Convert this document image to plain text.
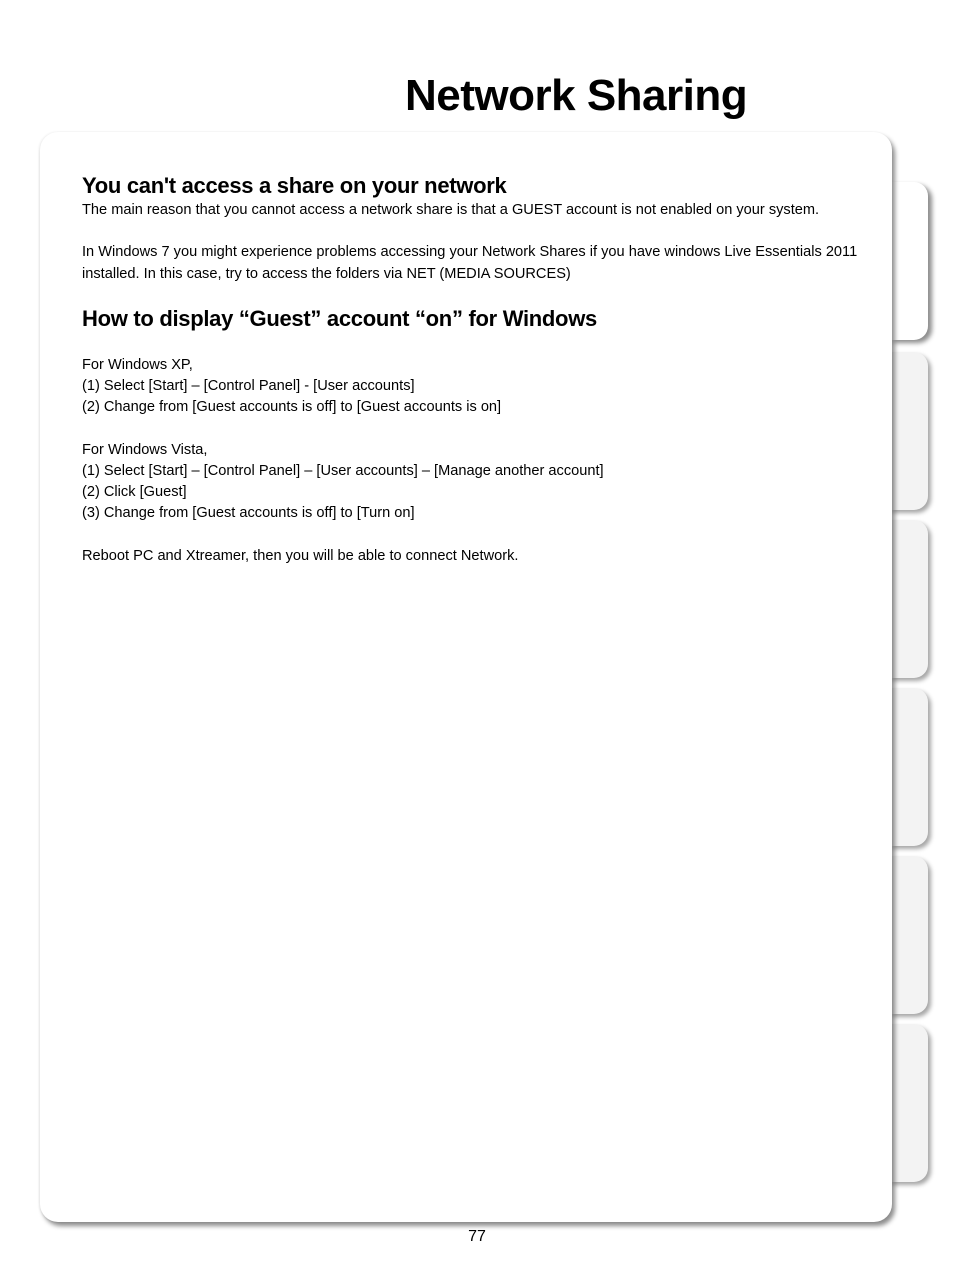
Network Sharing
You can't access a share on your network

The main reason that you cannot access a network share is that a GUEST account is not enabled on your system.

In Windows 7 you might experience problems accessing your Network Shares if you have windows Live Essentials 2011 installed. In this case, try to access the folders via NET (MEDIA SOURCES)

How to display “Guest” account “on” for Windows

For Windows XP,

(1) Select [Start] – [Control Panel] - [User accounts]

(2) Change from [Guest accounts is off] to [Guest accounts is on]

For Windows Vista,

(1) Select [Start] – [Control Panel] – [User accounts] – [Manage another account]

(2) Click [Guest]

(3) Change from [Guest accounts is off] to [Turn on]

Reboot PC and Xtreamer, then you will be able to connect Network.

77
